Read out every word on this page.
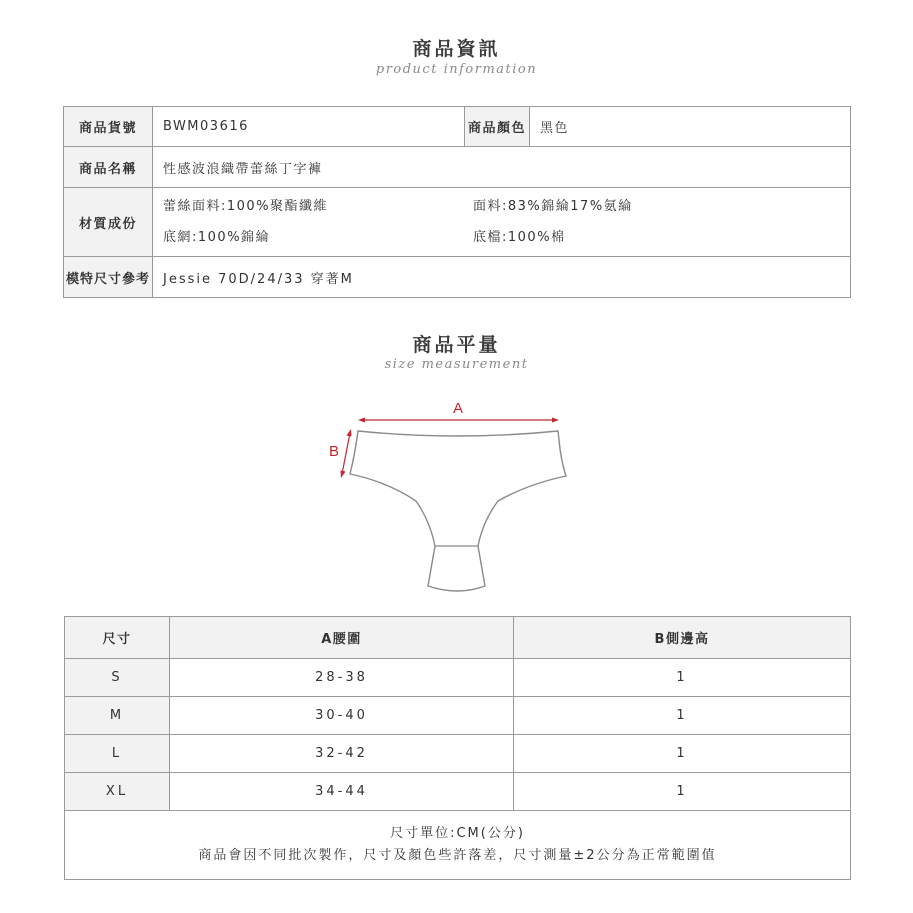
商品資訊
product information
商品貨號	BWM03616	商品顏色	黑色
商品名稱	性感波浪織帶蕾絲丁字褲		
材質成份	蕾絲面料:100%聚酯纖維 面料:83%錦綸17%氨綸
底網:100%錦綸 底檔:100%棉		

模特尺寸參考	Jessie 70D/24/33 穿著M		
商品平量
size measurement
A
B
尺寸	A腰圍	B側邊高
S	28-38	1
M	30-40	1
L	32-42	1
XL	34-44	1

尺寸單位:CM(公分)
商品會因不同批次製作，尺寸及顏色些許落差，尺寸測量±2公分為正常範圍值		
